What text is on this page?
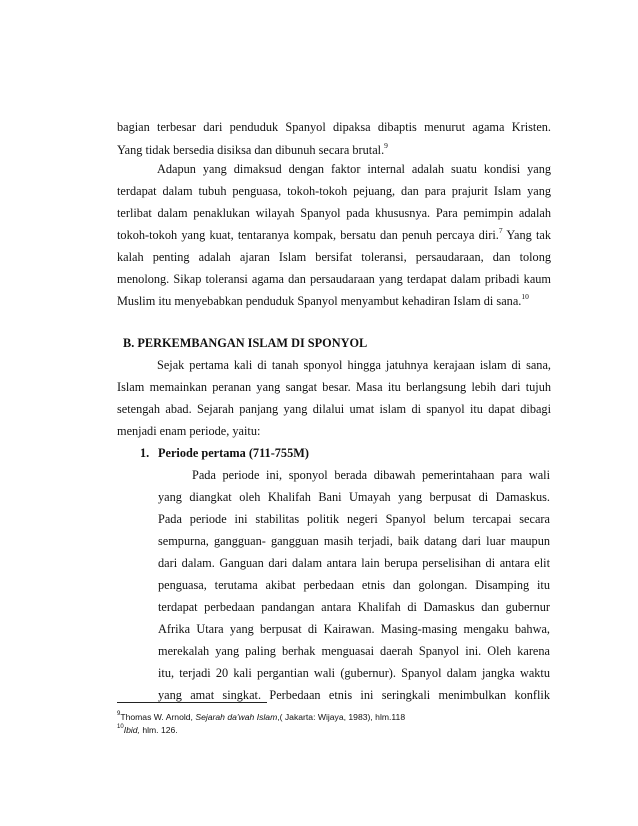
bagian terbesar dari penduduk Spanyol dipaksa dibaptis menurut agama Kristen.
Yang tidak bersedia disiksa dan dibunuh secara brutal.$^9$
Adapun yang dimaksud dengan faktor internal adalah suatu kondisi yang
terdapat dalam tubuh penguasa, tokoh-tokoh pejuang, dan para prajurit Islam yang
terlibat dalam penaklukan wilayah Spanyol pada khususnya. Para pemimpin adalah
tokoh-tokoh yang kuat, tentaranya kompak, bersatu dan penuh percaya diri.$^7$ Yang tak
kalah penting adalah ajaran Islam bersifat toleransi, persaudaraan, dan tolong
menolong. Sikap toleransi agama dan persaudaraan yang terdapat dalam pribadi kaum
Muslim itu menyebabkan penduduk Spanyol menyambut kehadiran Islam di sana.$^{10}$
B. PERKEMBANGAN ISLAM DI SPONYOL
Sejak pertama kali di tanah sponyol hingga jatuhnya kerajaan islam di sana,
Islam memainkan peranan yang sangat besar. Masa itu berlangsung lebih dari tujuh
setengah abad. Sejarah panjang yang dilalui umat islam di spanyol itu dapat dibagi
menjadi enam periode, yaitu:
1. Periode pertama (711-755M)
Pada periode ini, sponyol berada dibawah pemerintahaan para wali
yang diangkat oleh Khalifah Bani Umayah yang berpusat di Damaskus.
Pada periode ini stabilitas politik negeri Spanyol belum tercapai secara
sempurna, gangguan- gangguan masih terjadi, baik datang dari luar maupun
dari dalam. Ganguan dari dalam antara lain berupa perselisihan di antara elit
penguasa, terutama akibat perbedaan etnis dan golongan. Disamping itu
terdapat perbedaan pandangan antara Khalifah di Damaskus dan gubernur
Afrika Utara yang berpusat di Kairawan. Masing-masing mengaku bahwa,
merekalah yang paling berhak menguasai daerah Spanyol ini. Oleh karena
itu, terjadi 20 kali pergantian wali (gubernur). Spanyol dalam jangka waktu
yang amat singkat. Perbedaan etnis ini seringkali menimbulkan konflik
$^9$Thomas W. Arnold, Sejarah da'wah Islam,( Jakarta: Wijaya, 1983), hlm.118
$^{10}$Ibid, hlm. 126.
